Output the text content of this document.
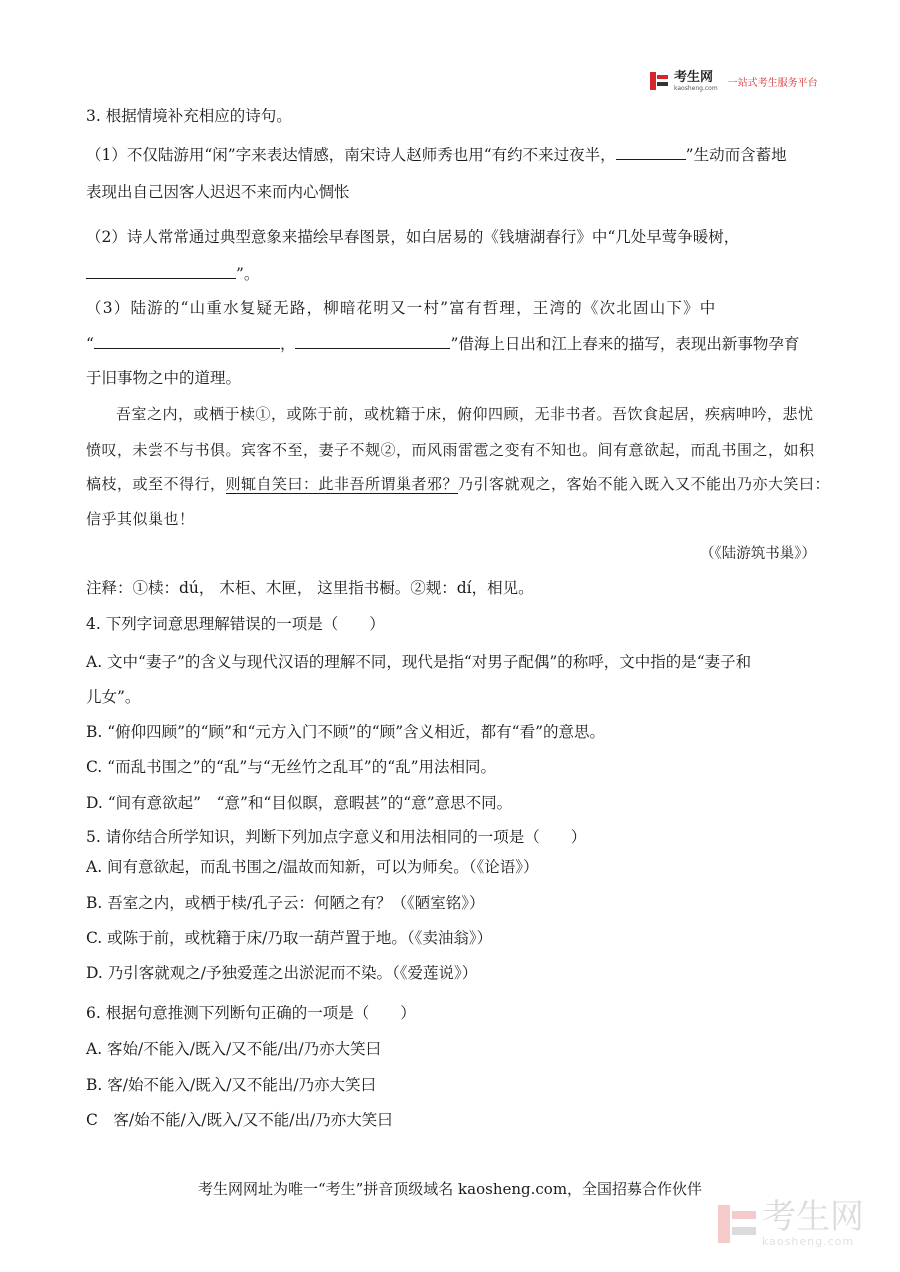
考生网
kaosheng.com 一站式考生服务平台
3. 根据情境补充相应的诗句。
（1）不仅陆游用“闲”字来表达情感，南宋诗人赵师秀也用“有约不来过夜半，	”生动而含蓄地
表现出自己因客人迟迟不来而内心惆怅
（2）诗人常常通过典型意象来描绘早春图景，如白居易的《钱塘湖春行》中“几处早莺争暖树，
”。
（3）陆游的“山重水复疑无路，柳暗花明又一村”富有哲理，王湾的《次北固山下》中
“	，	”借海上日出和江上春来的描写，表现出新事物孕育
于旧事物之中的道理。
吾室之内，或栖于椟①，或陈于前，或枕籍于床，俯仰四顾，无非书者。吾饮食起居，疾病呻吟，悲忧
愤叹，未尝不与书俱。宾客不至，妻子不觌②，而风雨雷雹之变有不知也。间有意欲起，而乱书围之，如积
槁枝，或至不得行，则辄自笑曰：此非吾所谓巢者邪？乃引客就观之，客始不能入既入又不能出乃亦大笑曰：
信乎其似巢也！
（《陆游筑书巢》）
注释：①椟：dú， 木柜、木匣， 这里指书橱。②觌：dí，相见。
4. 下列字词意思理解错误的一项是（　　）
A. 文中“妻子”的含义与现代汉语的理解不同，现代是指“对男子配偶”的称呼，文中指的是“妻子和
儿女”。
B. “俯仰四顾”的“顾”和“元方入门不顾”的“顾”含义相近，都有“看”的意思。
C. “而乱书围之”的“乱”与“无丝竹之乱耳”的“乱”用法相同。
D. “间有意欲起”　“意”和“目似瞑，意暇甚”的“意”意思不同。
5. 请你结合所学知识，判断下列加点字意义和用法相同的一项是（　　）
A. 间有意欲起，而乱书围之/温故而知新，可以为师矣。（《论语》）
B. 吾室之内，或栖于椟/孔子云：何陋之有？（《陋室铭》）
C. 或陈于前，或枕籍于床/乃取一葫芦置于地。（《卖油翁》）
D. 乃引客就观之/予独爱莲之出淤泥而不染。（《爱莲说》）
6. 根据句意推测下列断句正确的一项是（　　）
A. 客始/不能入/既入/又不能/出/乃亦大笑曰
B. 客/始不能入/既入/又不能出/乃亦大笑曰
C　客/始不能/入/既入/又不能/出/乃亦大笑曰
考生网网址为唯一“考生”拼音顶级域名 kaosheng.com，全国招募合作伙伴
考生网
kaosheng.com
